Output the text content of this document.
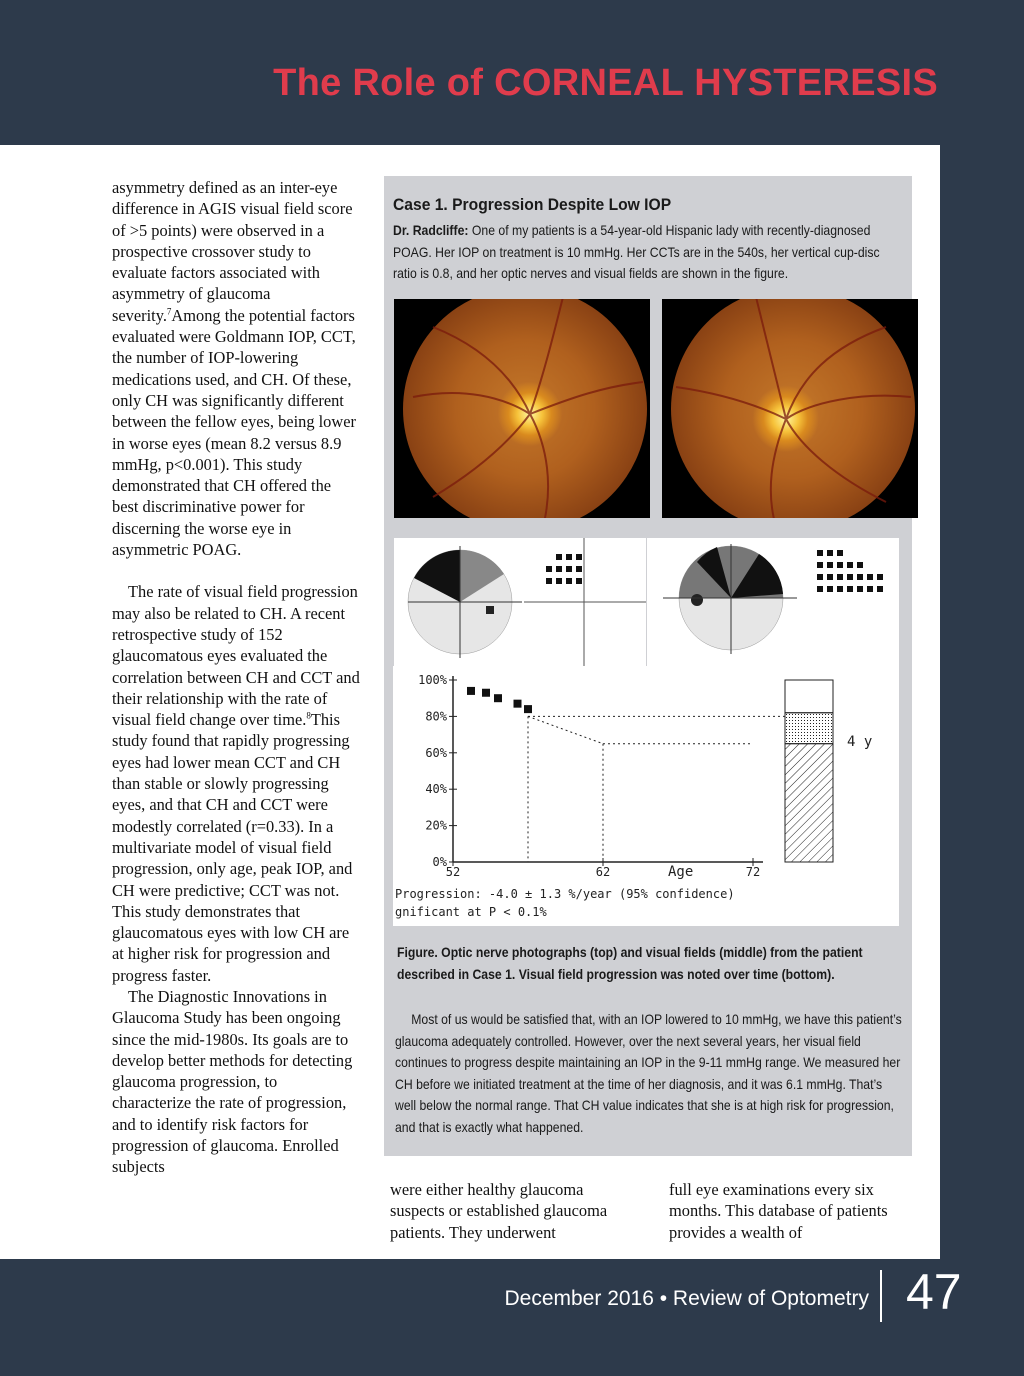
The Role of CORNEAL HYSTERESIS

asymmetry defined as an inter-eye difference in AGIS visual field score of >5 points) were observed in a prospective crossover study to evaluate factors associated with asymmetry of glaucoma severity.$^7$Among the potential factors evaluated were Goldmann IOP, CCT, the number of IOP-lowering medications used, and CH. Of these, only CH was significantly different between the fellow eyes, being lower in worse eyes (mean 8.2 versus 8.9 mmHg, p<0.001). This study demonstrated that CH offered the best discriminative power for discerning the worse eye in asymmetric POAG.

The rate of visual field progression may also be related to CH. A recent retrospective study of 152 glaucomatous eyes evaluated the correlation between CH and CCT and their relationship with the rate of visual field change over time.$^8$This study found that rapidly progressing eyes had lower mean CCT and CH than stable or slowly progressing eyes, and that CH and CCT were modestly correlated (r=0.33). In a multivariate model of visual field progression, only age, peak IOP, and CH were predictive; CCT was not. This study demonstrates that glaucomatous eyes with low CH are at higher risk for progression and progress faster.

The Diagnostic Innovations in Glaucoma Study has been ongoing since the mid-1980s. Its goals are to develop better methods for detecting glaucoma progression, to characterize the rate of progression, and to identify risk factors for progression of glaucoma. Enrolled subjects

were either healthy glaucoma suspects or established glaucoma patients. They underwent
full eye examinations every six months. This database of patients provides a wealth of
Case 1. Progression Despite Low IOP
Dr. Radcliffe: One of my patients is a 54-year-old Hispanic lady with recently-diagnosed POAG. Her IOP on treatment is 10 mmHg. Her CCTs are in the 540s, her vertical cup-disc ratio is 0.8, and her optic nerves and visual fields are shown in the figure.
Age
Progression: -4.0 ± 1.3 %/year (95% confidence)
gnificant at P < 0.1%
4 y
0%
20%
40%
60%
80%
100%
52	62	72
Figure. Optic nerve photographs (top) and visual fields (middle) from the patient described in Case 1. Visual field progression was noted over time (bottom).
Most of us would be satisfied that, with an IOP lowered to 10 mmHg, we have this patient’s glaucoma adequately controlled. However, over the next several years, her visual field continues to progress despite maintaining an IOP in the 9-11 mmHg range. We measured her CH before we initiated treatment at the time of her diagnosis, and it was 6.1 mmHg. That’s well below the normal range. That CH value indicates that she is at high risk for progression, and that is exactly what happened.
December 2016 • Review of Optometry 47
